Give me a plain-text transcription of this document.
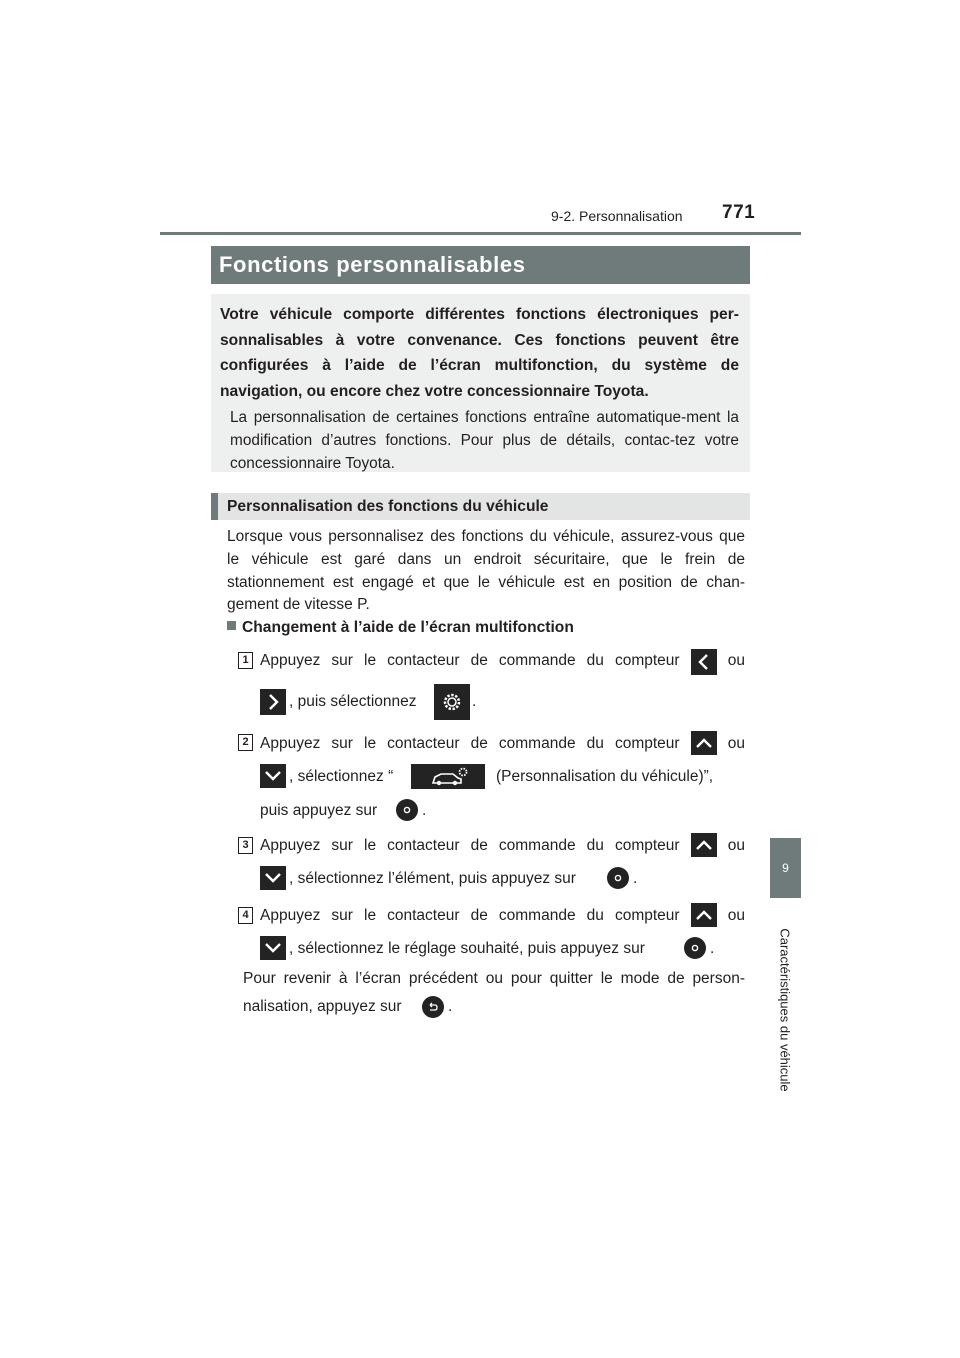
9-2. Personnalisation 771
9
Caractéristiques du véhicule
Fonctions personnalisables

Votre véhicule comporte différentes fonctions électroniques per-sonnalisables à votre convenance. Ces fonctions peuvent être configurées à l’aide de l’écran multifonction, du système de navigation, ou encore chez votre concessionnaire Toyota.

La personnalisation de certaines fonctions entraîne automatique-ment la modification d’autres fonctions. Pour plus de détails, contac-tez votre concessionnaire Toyota.

Personnalisation des fonctions du véhicule

Lorsque vous personnalisez des fonctions du véhicule, assurez-vous que le véhicule est garé dans un endroit sécuritaire, que le frein de stationnement est engagé et que le véhicule est en position de chan-gement de vitesse P.

Changement à l’aide de l’écran multifonction
1 Appuyez sur le contacteur de commande du compteur	ou
, puis sélectionnez	.
2 Appuyez sur le contacteur de commande du compteur	ou
, sélectionnez “	(Personnalisation du véhicule)”,
puis appuyez sur	.
3 Appuyez sur le contacteur de commande du compteur	ou
, sélectionnez l’élément, puis appuyez sur	.
4 Appuyez sur le contacteur de commande du compteur	ou
, sélectionnez le réglage souhaité, puis appuyez sur	.
Pour revenir à l’écran précédent ou pour quitter le mode de person-
nalisation, appuyez sur	.
